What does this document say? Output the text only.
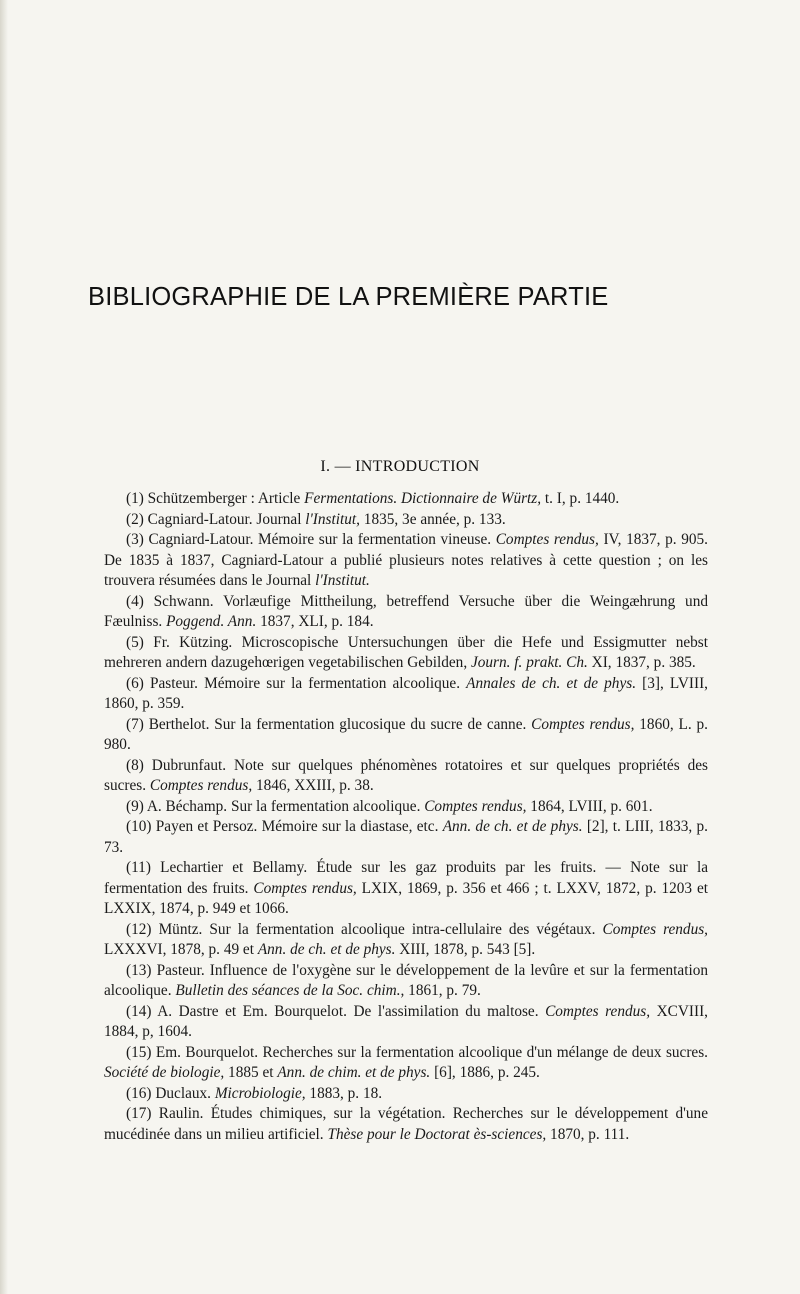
BIBLIOGRAPHIE DE LA PREMIÈRE PARTIE
I. — INTRODUCTION
(1) Schützemberger : Article Fermentations. Dictionnaire de Würtz, t. I, p. 1440.
(2) Cagniard-Latour. Journal l'Institut, 1835, 3e année, p. 133.
(3) Cagniard-Latour. Mémoire sur la fermentation vineuse. Comptes rendus, IV, 1837, p. 905. De 1835 à 1837, Cagniard-Latour a publié plusieurs notes relatives à cette question ; on les trouvera résumées dans le Journal l'Institut.
(4) Schwann. Vorlæufige Mittheilung, betreffend Versuche über die Weingæhrung und Fæulniss. Poggend. Ann. 1837, XLI, p. 184.
(5) Fr. Kützing. Microscopische Untersuchungen über die Hefe und Essigmutter nebst mehreren andern dazugehœrigen vegetabilischen Gebilden, Journ. f. prakt. Ch. XI, 1837, p. 385.
(6) Pasteur. Mémoire sur la fermentation alcoolique. Annales de ch. et de phys. [3], LVIII, 1860, p. 359.
(7) Berthelot. Sur la fermentation glucosique du sucre de canne. Comptes rendus, 1860, L. p. 980.
(8) Dubrunfaut. Note sur quelques phénomènes rotatoires et sur quelques propriétés des sucres. Comptes rendus, 1846, XXIII, p. 38.
(9) A. Béchamp. Sur la fermentation alcoolique. Comptes rendus, 1864, LVIII, p. 601.
(10) Payen et Persoz. Mémoire sur la diastase, etc. Ann. de ch. et de phys. [2], t. LIII, 1833, p. 73.
(11) Lechartier et Bellamy. Étude sur les gaz produits par les fruits. — Note sur la fermentation des fruits. Comptes rendus, LXIX, 1869, p. 356 et 466 ; t. LXXV, 1872, p. 1203 et LXXIX, 1874, p. 949 et 1066.
(12) Müntz. Sur la fermentation alcoolique intra-cellulaire des végétaux. Comptes rendus, LXXXVI, 1878, p. 49 et Ann. de ch. et de phys. XIII, 1878, p. 543 [5].
(13) Pasteur. Influence de l'oxygène sur le développement de la levûre et sur la fermentation alcoolique. Bulletin des séances de la Soc. chim., 1861, p. 79.
(14) A. Dastre et Em. Bourquelot. De l'assimilation du maltose. Comptes rendus, XCVIII, 1884, p, 1604.
(15) Em. Bourquelot. Recherches sur la fermentation alcoolique d'un mélange de deux sucres. Société de biologie, 1885 et Ann. de chim. et de phys. [6], 1886, p. 245.
(16) Duclaux. Microbiologie, 1883, p. 18.
(17) Raulin. Études chimiques, sur la végétation. Recherches sur le développement d'une mucédinée dans un milieu artificiel. Thèse pour le Doctorat ès-sciences, 1870, p. 111.
